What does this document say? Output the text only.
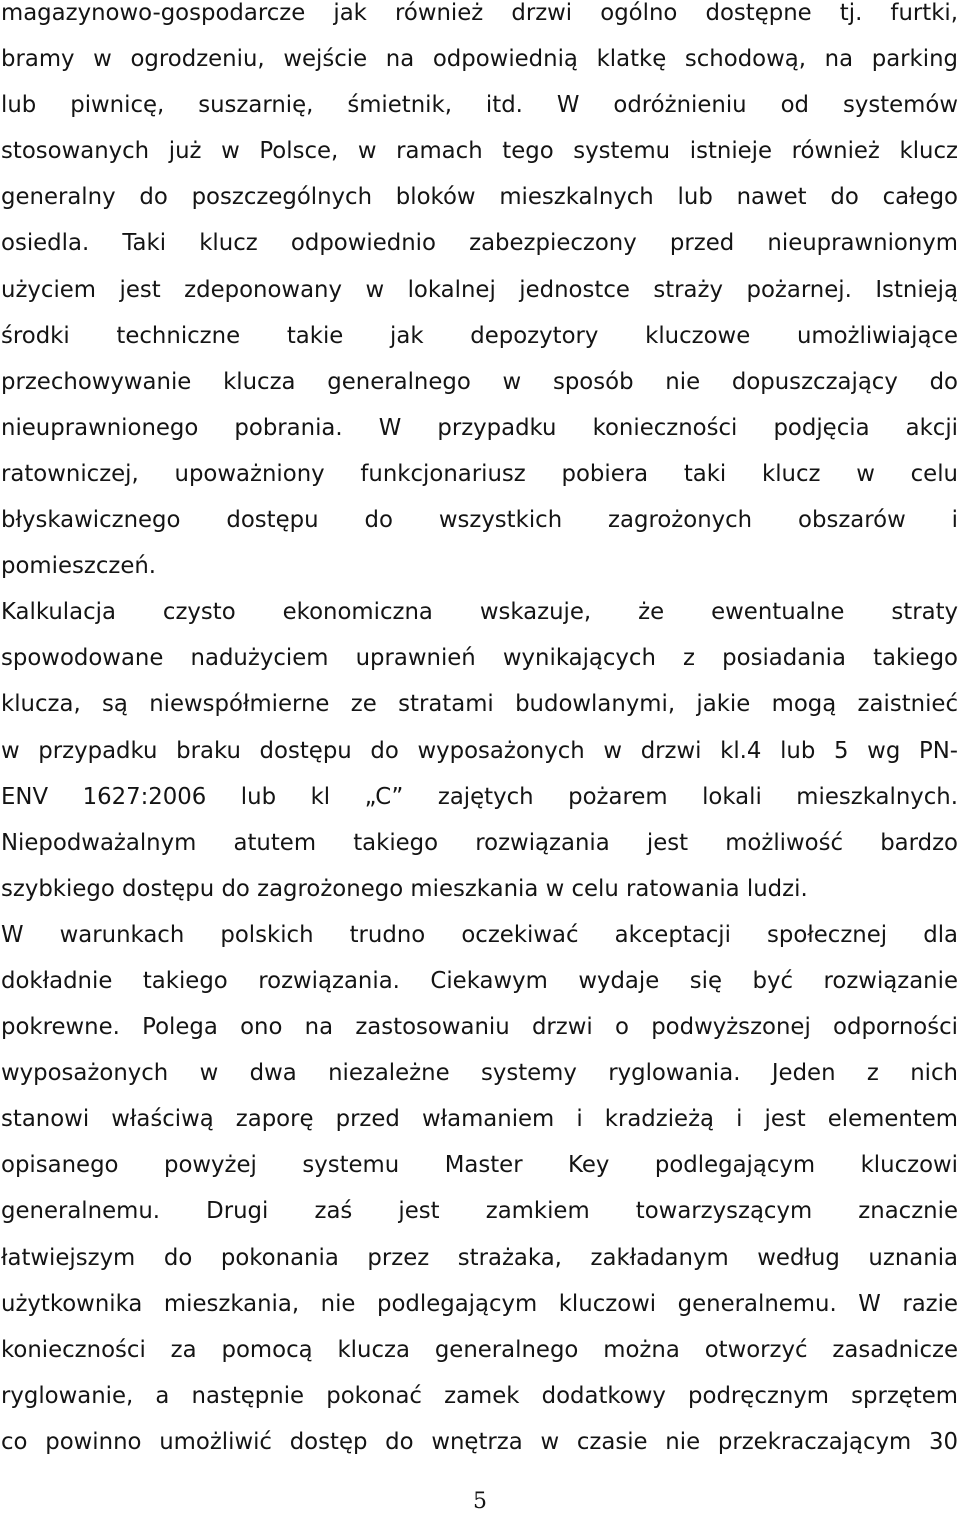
magazynowo-gospodarcze jak również drzwi ogólno dostępne tj. furtki,
bramy w ogrodzeniu, wejście na odpowiednią klatkę schodową, na parking
lub piwnicę, suszarnię, śmietnik, itd. W odróżnieniu od systemów
stosowanych już w Polsce, w ramach tego systemu istnieje również klucz
generalny do poszczególnych bloków mieszkalnych lub nawet do całego
osiedla. Taki klucz odpowiednio zabezpieczony przed nieuprawnionym
użyciem jest zdeponowany w lokalnej jednostce straży pożarnej. Istnieją
środki techniczne takie jak depozytory kluczowe umożliwiające
przechowywanie klucza generalnego w sposób nie dopuszczający do
nieuprawnionego pobrania. W przypadku konieczności podjęcia akcji
ratowniczej, upoważniony funkcjonariusz pobiera taki klucz w celu
błyskawicznego dostępu do wszystkich zagrożonych obszarów i
pomieszczeń.

Kalkulacja czysto ekonomiczna wskazuje, że ewentualne straty
spowodowane nadużyciem uprawnień wynikających z posiadania takiego
klucza, są niewspółmierne ze stratami budowlanymi, jakie mogą zaistnieć
w przypadku braku dostępu do wyposażonych w drzwi kl.4 lub 5 wg PN-
ENV 1627:2006 lub kl „C” zajętych pożarem lokali mieszkalnych.
Niepodważalnym atutem takiego rozwiązania jest możliwość bardzo
szybkiego dostępu do zagrożonego mieszkania w celu ratowania ludzi.

W warunkach polskich trudno oczekiwać akceptacji społecznej dla
dokładnie takiego rozwiązania. Ciekawym wydaje się być rozwiązanie
pokrewne. Polega ono na zastosowaniu drzwi o podwyższonej odporności
wyposażonych w dwa niezależne systemy ryglowania. Jeden z nich
stanowi właściwą zaporę przed włamaniem i kradzieżą i jest elementem
opisanego powyżej systemu Master Key podlegającym kluczowi
generalnemu. Drugi zaś jest zamkiem towarzyszącym znacznie
łatwiejszym do pokonania przez strażaka, zakładanym według uznania
użytkownika mieszkania, nie podlegającym kluczowi generalnemu. W razie
konieczności za pomocą klucza generalnego można otworzyć zasadnicze
ryglowanie, a następnie pokonać zamek dodatkowy podręcznym sprzętem
co powinno umożliwić dostęp do wnętrza w czasie nie przekraczającym 30

5
